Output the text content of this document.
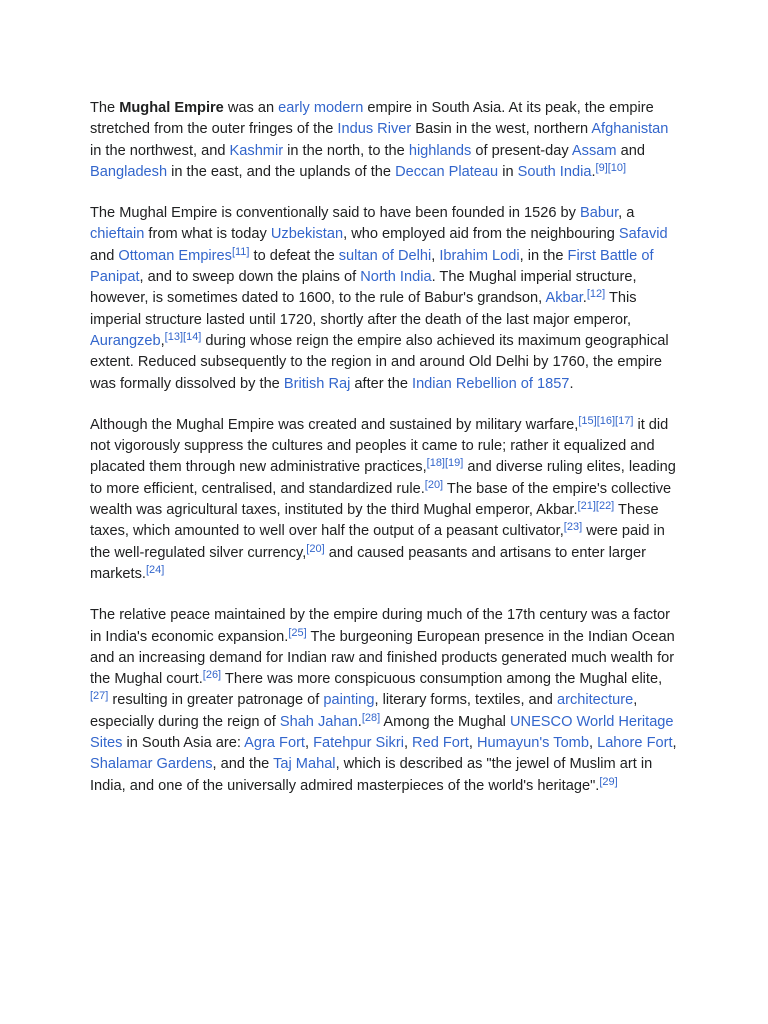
The Mughal Empire was an early modern empire in South Asia. At its peak, the empire stretched from the outer fringes of the Indus River Basin in the west, northern Afghanistan in the northwest, and Kashmir in the north, to the highlands of present-day Assam and Bangladesh in the east, and the uplands of the Deccan Plateau in South India.[9][10]

The Mughal Empire is conventionally said to have been founded in 1526 by Babur, a chieftain from what is today Uzbekistan, who employed aid from the neighbouring Safavid and Ottoman Empires[11] to defeat the sultan of Delhi, Ibrahim Lodi, in the First Battle of Panipat, and to sweep down the plains of North India. The Mughal imperial structure, however, is sometimes dated to 1600, to the rule of Babur's grandson, Akbar.[12] This imperial structure lasted until 1720, shortly after the death of the last major emperor, Aurangzeb,[13][14] during whose reign the empire also achieved its maximum geographical extent. Reduced subsequently to the region in and around Old Delhi by 1760, the empire was formally dissolved by the British Raj after the Indian Rebellion of 1857.

Although the Mughal Empire was created and sustained by military warfare,[15][16][17] it did not vigorously suppress the cultures and peoples it came to rule; rather it equalized and placated them through new administrative practices,[18][19] and diverse ruling elites, leading to more efficient, centralised, and standardized rule.[20] The base of the empire's collective wealth was agricultural taxes, instituted by the third Mughal emperor, Akbar.[21][22] These taxes, which amounted to well over half the output of a peasant cultivator,[23] were paid in the well-regulated silver currency,[20] and caused peasants and artisans to enter larger markets.[24]

The relative peace maintained by the empire during much of the 17th century was a factor in India's economic expansion.[25] The burgeoning European presence in the Indian Ocean and an increasing demand for Indian raw and finished products generated much wealth for the Mughal court.[26] There was more conspicuous consumption among the Mughal elite,[27] resulting in greater patronage of painting, literary forms, textiles, and architecture, especially during the reign of Shah Jahan.[28] Among the Mughal UNESCO World Heritage Sites in South Asia are: Agra Fort, Fatehpur Sikri, Red Fort, Humayun's Tomb, Lahore Fort, Shalamar Gardens, and the Taj Mahal, which is described as "the jewel of Muslim art in India, and one of the universally admired masterpieces of the world's heritage".[29]
